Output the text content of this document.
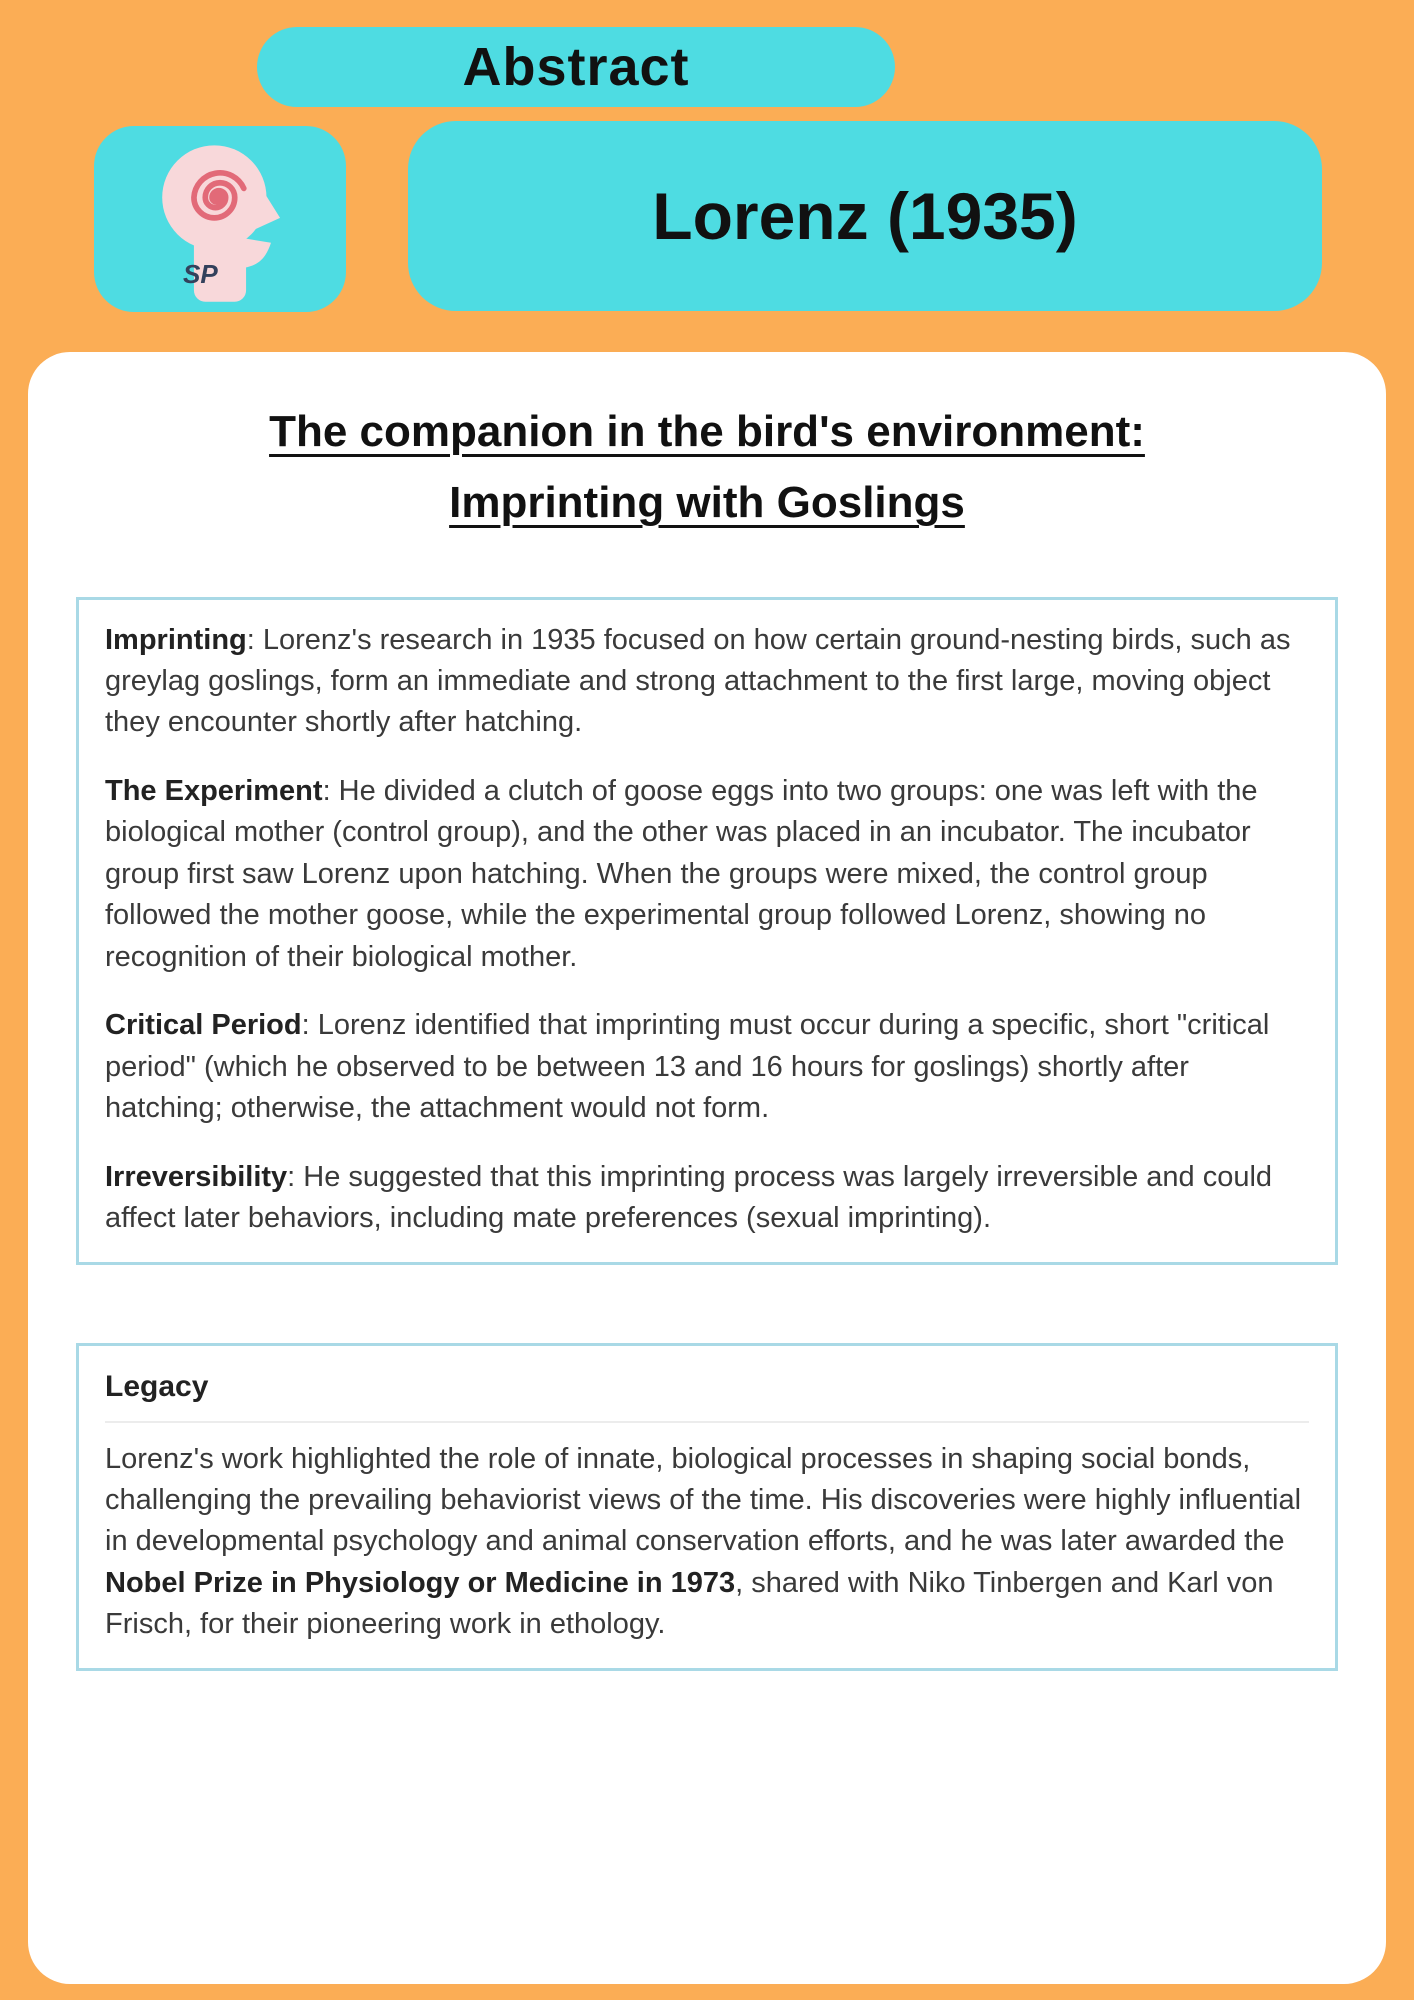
Abstract
SP
Lorenz (1935)
The companion in the bird's environment:
Imprinting with Goslings

Imprinting: Lorenz's research in 1935 focused on how certain ground-nesting birds, such as greylag goslings, form an immediate and strong attachment to the first large, moving object they encounter shortly after hatching.

The Experiment: He divided a clutch of goose eggs into two groups: one was left with the biological mother (control group), and the other was placed in an incubator. The incubator group first saw Lorenz upon hatching. When the groups were mixed, the control group followed the mother goose, while the experimental group followed Lorenz, showing no recognition of their biological mother.

Critical Period: Lorenz identified that imprinting must occur during a specific, short "critical period" (which he observed to be between 13 and 16 hours for goslings) shortly after hatching; otherwise, the attachment would not form.

Irreversibility: He suggested that this imprinting process was largely irreversible and could affect later behaviors, including mate preferences (sexual imprinting).

Legacy

Lorenz's work highlighted the role of innate, biological processes in shaping social bonds, challenging the prevailing behaviorist views of the time. His discoveries were highly influential in developmental psychology and animal conservation efforts, and he was later awarded the Nobel Prize in Physiology or Medicine in 1973, shared with Niko Tinbergen and Karl von Frisch, for their pioneering work in ethology.
